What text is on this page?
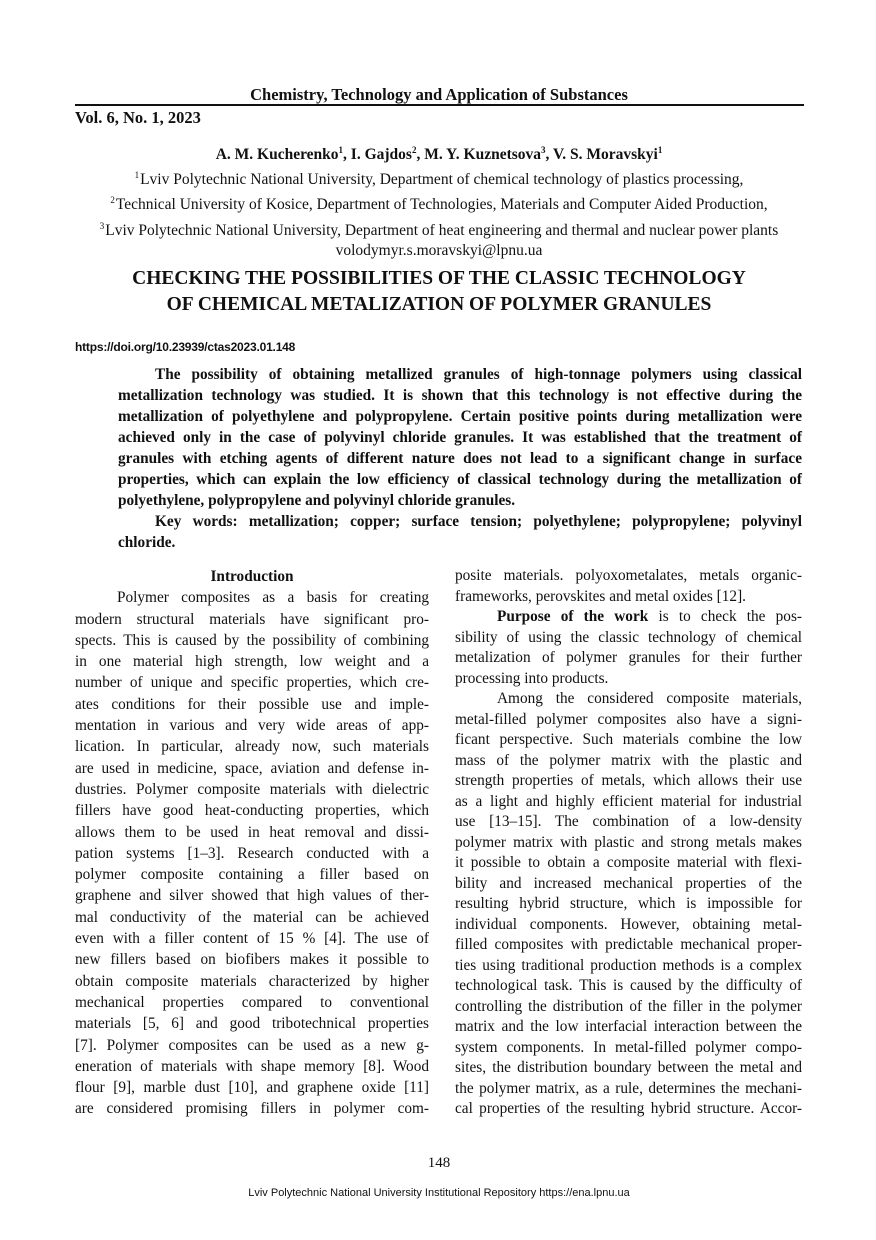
Chemistry, Technology and Application of Substances
Vol. 6, No. 1, 2023
A. M. Kucherenko$^1$, I. Gajdos$^2$, M. Y. Kuznetsova$^3$, V. S. Moravskyi$^1$
$^1$Lviv Polytechnic National University, Department of chemical technology of plastics processing,
$^2$Technical University of Kosice, Department of Technologies, Materials and Computer Aided Production,
$^3$Lviv Polytechnic National University, Department of heat engineering and thermal and nuclear power plants
volodymyr.s.moravskyi@lpnu.ua
CHECKING THE POSSIBILITIES OF THE CLASSIC TECHNOLOGY
OF CHEMICAL METALIZATION OF POLYMER GRANULES
https://doi.org/10.23939/ctas2023.01.148
The possibility of obtaining metallized granules of high-tonnage polymers using classical
metallization technology was studied. It is shown that this technology is not effective during the
metallization of polyethylene and polypropylene. Certain positive points during metallization were
achieved only in the case of polyvinyl chloride granules. It was established that the treatment of
granules with etching agents of different nature does not lead to a significant change in surface
properties, which can explain the low efficiency of classical technology during the metallization of
polyethylene, polypropylene and polyvinyl chloride granules.
Key words: metallization; copper; surface tension; polyethylene; polypropylene; polyvinyl
chloride.
Introduction
Polymer composites as a basis for creating
modern structural materials have significant pro-
spects. This is caused by the possibility of combining
in one material high strength, low weight and a
number of unique and specific properties, which cre-
ates conditions for their possible use and imple-
mentation in various and very wide areas of app-
lication. In particular, already now, such materials
are used in medicine, space, aviation and defense in-
dustries. Polymer composite materials with dielectric
fillers have good heat-conducting properties, which
allows them to be used in heat removal and dissi-
pation systems [1–3]. Research conducted with a
polymer composite containing a filler based on
graphene and silver showed that high values of ther-
mal conductivity of the material can be achieved
even with a filler content of 15 % [4]. The use of
new fillers based on biofibers makes it possible to
obtain composite materials characterized by higher
mechanical properties compared to conventional
materials [5, 6] and good tribotechnical properties
[7]. Polymer composites can be used as a new g-
eneration of materials with shape memory [8]. Wood
flour [9], marble dust [10], and graphene oxide [11]
are considered promising fillers in polymer com-
posite materials. polyoxometalates, metals organic-
frameworks, perovskites and metal oxides [12].
Purpose of the work is to check the pos-
sibility of using the classic technology of chemical
metalization of polymer granules for their further
processing into products.
Among the considered composite materials,
metal-filled polymer composites also have a signi-
ficant perspective. Such materials combine the low
mass of the polymer matrix with the plastic and
strength properties of metals, which allows their use
as a light and highly efficient material for industrial
use [13–15]. The combination of a low-density
polymer matrix with plastic and strong metals makes
it possible to obtain a composite material with flexi-
bility and increased mechanical properties of the
resulting hybrid structure, which is impossible for
individual components. However, obtaining metal-
filled composites with predictable mechanical proper-
ties using traditional production methods is a complex
technological task. This is caused by the difficulty of
controlling the distribution of the filler in the polymer
matrix and the low interfacial interaction between the
system components. In metal-filled polymer compo-
sites, the distribution boundary between the metal and
the polymer matrix, as a rule, determines the mechani-
cal properties of the resulting hybrid structure. Accor-
148
Lviv Polytechnic National University Institutional Repository https://ena.lpnu.ua
